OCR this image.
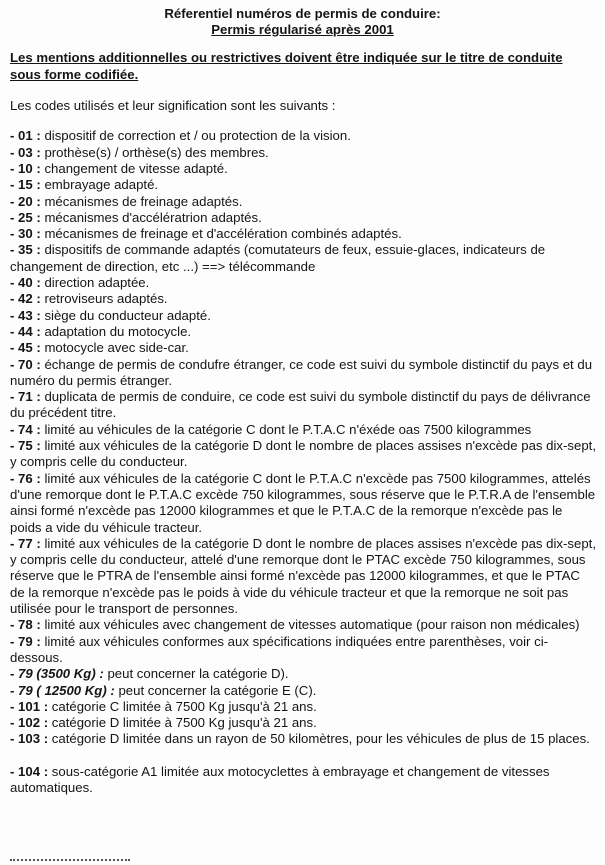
Réferentiel numéros de permis de conduire:
Permis régularisé après 2001
Les mentions additionnelles ou restrictives doivent être indiquée sur le titre de conduite sous forme codifiée.
Les codes utilisés et leur signification sont les suivants :
- 01 : dispositif de correction et / ou protection de la vision.
- 03 : prothèse(s) / orthèse(s) des membres.
- 10 : changement de vitesse adapté.
- 15 : embrayage adapté.
- 20 : mécanismes de freinage adaptés.
- 25 : mécanismes d'accélératrion adaptés.
- 30 : mécanismes de freinage et d'accélération combinés adaptés.
- 35 : dispositifs de commande adaptés (comutateurs de feux, essuie-glaces, indicateurs de changement de direction, etc ...) ==> télécommande
- 40 : direction adaptée.
- 42 : retroviseurs adaptés.
- 43 : siège du conducteur adapté.
- 44 : adaptation du motocycle.
- 45 : motocycle avec side-car.
- 70 : échange de permis de condufre étranger, ce code est suivi du symbole distinctif du pays et du numéro du permis étranger.
- 71 : duplicata de permis de conduire, ce code est suivi du symbole distinctif du pays de délivrance du précédent titre.
- 74 : limité au véhicules de la catégorie C dont le P.T.A.C n'éxéde oas 7500 kilogrammes
- 75 : limité aux véhicules de la catégorie D dont le nombre de places assises n'excède pas dix-sept, y compris celle du conducteur.
- 76 : limité aux véhicules de la catégorie C dont le P.T.A.C n'excède pas 7500 kilogrammes, attelés d'une remorque dont le P.T.A.C excède 750 kilogrammes, sous réserve que le P.T.R.A de l'ensemble ainsi formé n'excède pas 12000 kilogrammes et que le P.T.A.C de la remorque n'excède pas le poids a vide du véhicule tracteur.
- 77 : limité aux véhicules de la catégorie D dont le nombre de places assises n'excède pas dix-sept, y compris celle du conducteur, attelé d'une remorque dont le PTAC excède 750 kilogrammes, sous réserve que le PTRA de l'ensemble ainsi formé n'excède pas 12000 kilogrammes, et que le PTAC de la remorque n'excède pas le poids à vide du véhicule tracteur et que la remorque ne soit pas utilisée pour le transport de personnes.
- 78 : limité aux véhicules avec changement de vitesses automatique (pour raison non médicales)
- 79 : limité aux véhicules conformes aux spécifications indiquées entre parenthèses, voir ci-dessous.
- 79 (3500 Kg) : peut concerner la catégorie D).
- 79 ( 12500 Kg) : peut concerner la catégorie E (C).
- 101 : catégorie C limitée à 7500 Kg jusqu'à 21 ans.
- 102 : catégorie D limitée à 7500 Kg jusqu'à 21 ans.
- 103 : catégorie D limitée dans un rayon de 50 kilomètres, pour les véhicules de plus de 15 places.
- 104 : sous-catégorie A1 limitée aux motocyclettes à embrayage et changement de vitesses automatiques.
